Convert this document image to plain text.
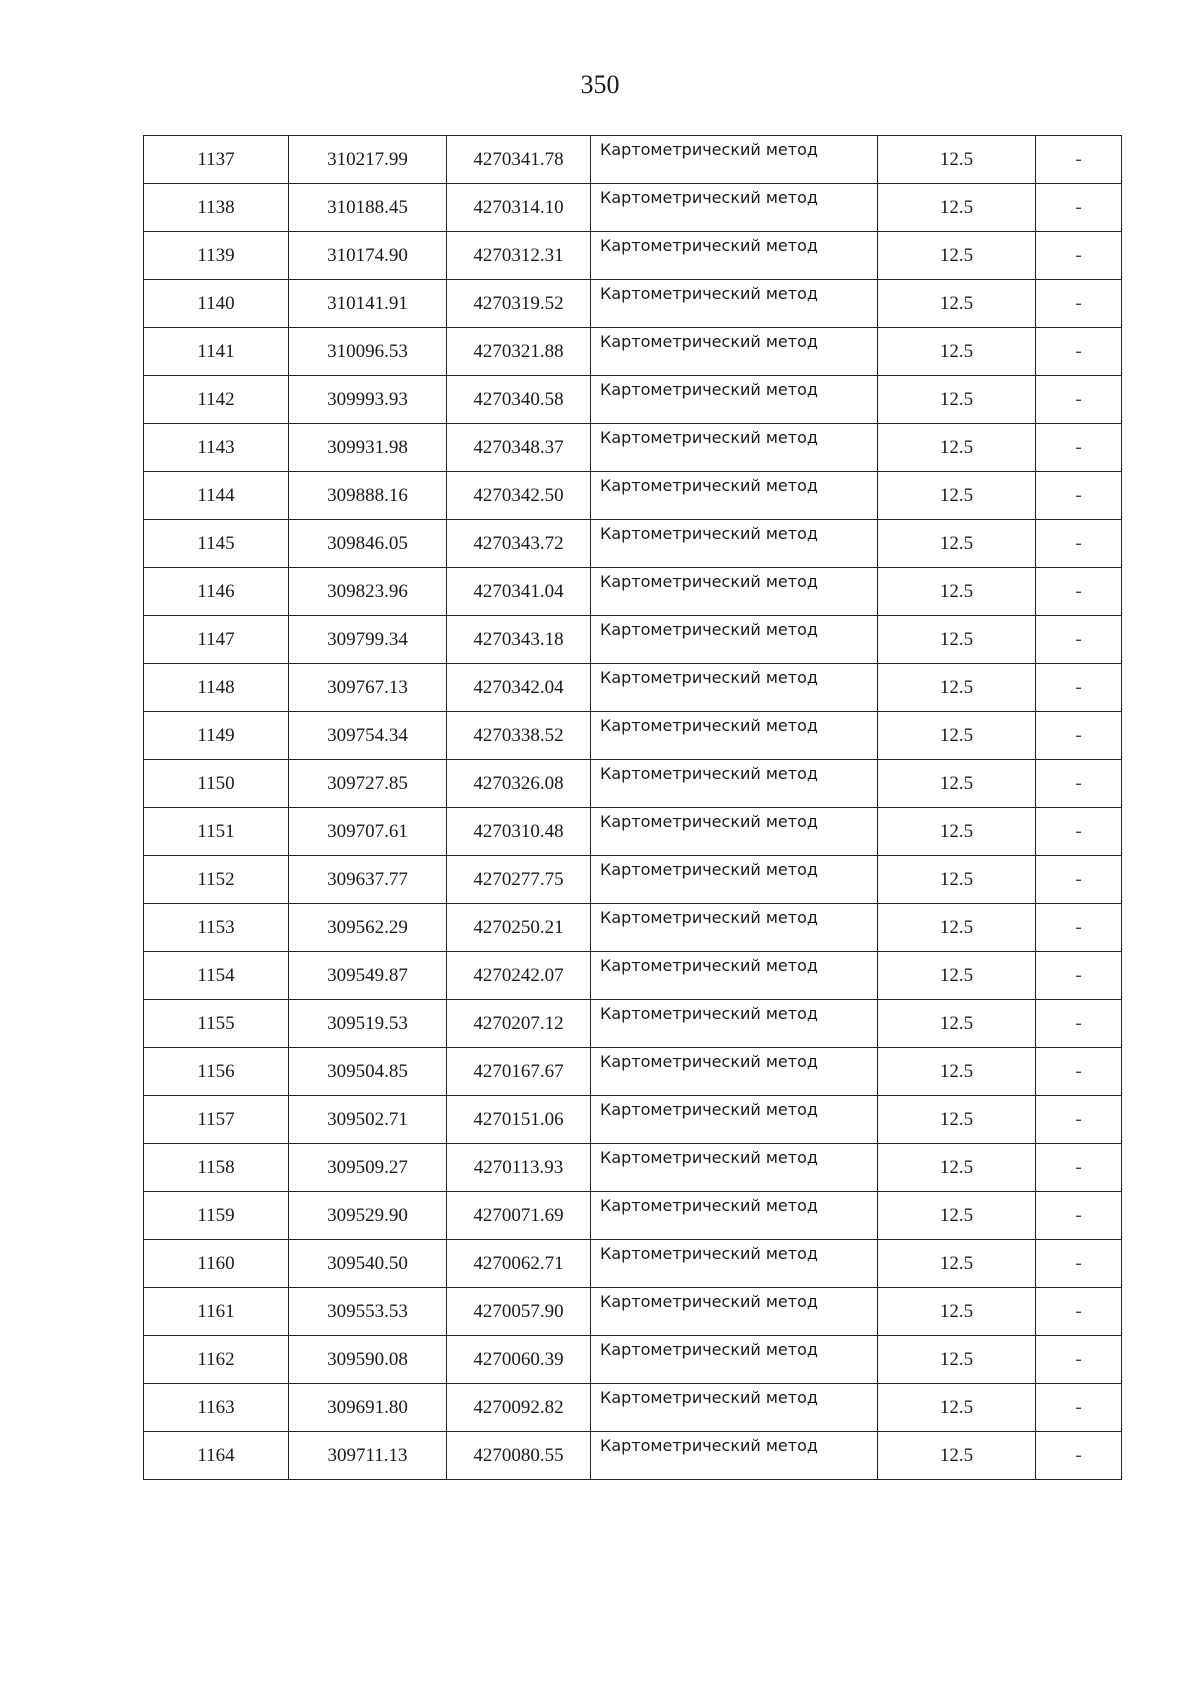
350
1137	310217.99	4270341.78	Картометрический метод	12.5	-
1138	310188.45	4270314.10	Картометрический метод	12.5	-
1139	310174.90	4270312.31	Картометрический метод	12.5	-
1140	310141.91	4270319.52	Картометрический метод	12.5	-
1141	310096.53	4270321.88	Картометрический метод	12.5	-
1142	309993.93	4270340.58	Картометрический метод	12.5	-
1143	309931.98	4270348.37	Картометрический метод	12.5	-
1144	309888.16	4270342.50	Картометрический метод	12.5	-
1145	309846.05	4270343.72	Картометрический метод	12.5	-
1146	309823.96	4270341.04	Картометрический метод	12.5	-
1147	309799.34	4270343.18	Картометрический метод	12.5	-
1148	309767.13	4270342.04	Картометрический метод	12.5	-
1149	309754.34	4270338.52	Картометрический метод	12.5	-
1150	309727.85	4270326.08	Картометрический метод	12.5	-
1151	309707.61	4270310.48	Картометрический метод	12.5	-
1152	309637.77	4270277.75	Картометрический метод	12.5	-
1153	309562.29	4270250.21	Картометрический метод	12.5	-
1154	309549.87	4270242.07	Картометрический метод	12.5	-
1155	309519.53	4270207.12	Картометрический метод	12.5	-
1156	309504.85	4270167.67	Картометрический метод	12.5	-
1157	309502.71	4270151.06	Картометрический метод	12.5	-
1158	309509.27	4270113.93	Картометрический метод	12.5	-
1159	309529.90	4270071.69	Картометрический метод	12.5	-
1160	309540.50	4270062.71	Картометрический метод	12.5	-
1161	309553.53	4270057.90	Картометрический метод	12.5	-
1162	309590.08	4270060.39	Картометрический метод	12.5	-
1163	309691.80	4270092.82	Картометрический метод	12.5	-
1164	309711.13	4270080.55	Картометрический метод	12.5	-
